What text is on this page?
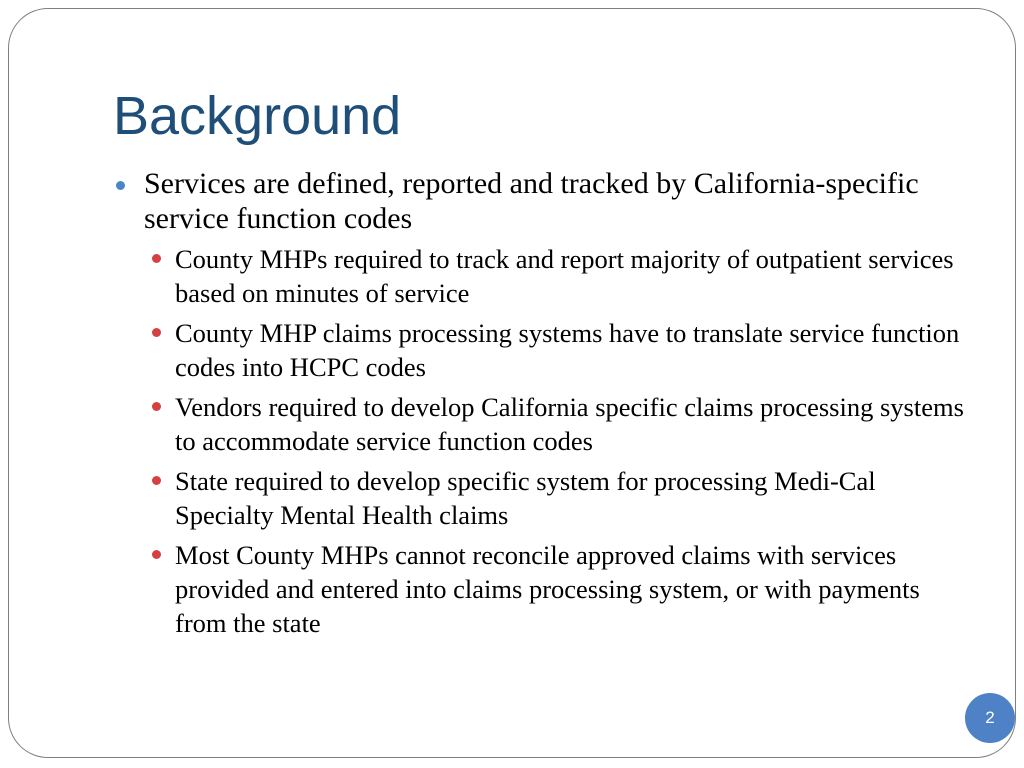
Background

Services are defined, reported and tracked by California-specific service function codes

County MHPs required to track and report majority of outpatient services based on minutes of service

County MHP claims processing systems have to translate service function codes into HCPC codes

Vendors required to develop California specific claims processing systems to accommodate service function codes

State required to develop specific system for processing Medi-Cal Specialty Mental Health claims

Most County MHPs cannot reconcile approved claims with services provided and entered into claims processing system, or with payments from the state

2
